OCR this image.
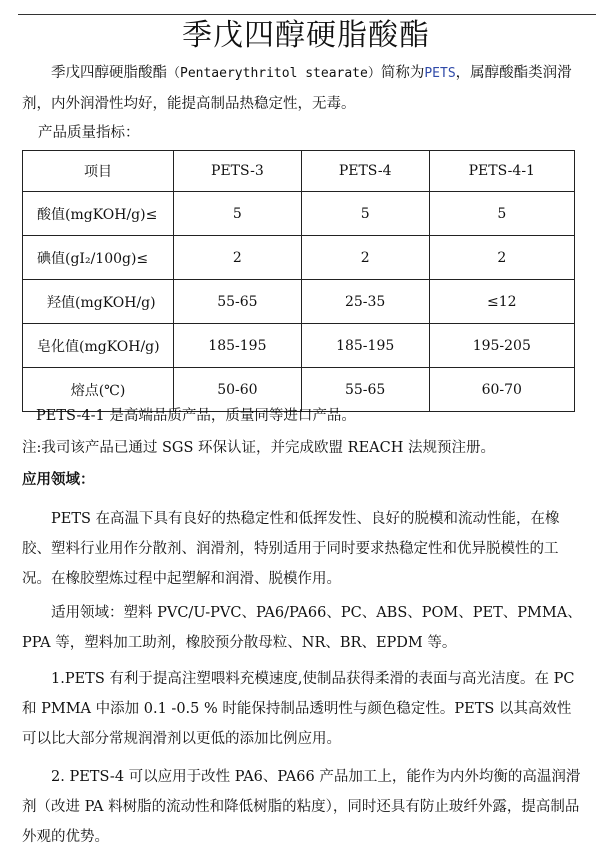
季戊四醇硬脂酸酯

季戊四醇硬脂酸酯（Pentaerythritol stearate）简称为PETS，属醇酸酯类润滑剂，内外润滑性均好，能提高制品热稳定性，无毒。

产品质量指标：

项目	PETS-3	PETS-4	PETS-4-1
酸值(mgKOH/g)≤	5	5	5
碘值(gI₂/100g)≤	2	2	2
羟值(mgKOH/g)	55-65	25-35	≤12
皂化值(mgKOH/g)	185-195	185-195	195-205
熔点(℃)	50-60	55-65	60-70

PETS-4-1 是高端品质产品，质量同等进口产品。

注:我司该产品已通过 SGS 环保认证，并完成欧盟 REACH 法规预注册。

应用领域：

PETS 在高温下具有良好的热稳定性和低挥发性、良好的脱模和流动性能，在橡胶、塑料行业用作分散剂、润滑剂，特别适用于同时要求热稳定性和优异脱模性的工况。在橡胶塑炼过程中起塑解和润滑、脱模作用。

适用领域：塑料 PVC/U-PVC、PA6/PA66、PC、ABS、POM、PET、PMMA、PPA 等，塑料加工助剂，橡胶预分散母粒、NR、BR、EPDM 等。

1.PETS 有利于提高注塑喂料充模速度,使制品获得柔滑的表面与高光洁度。在 PC 和 PMMA 中添加 0.1 -0.5 % 时能保持制品透明性与颜色稳定性。PETS 以其高效性可以比大部分常规润滑剂以更低的添加比例应用。

2. PETS-4 可以应用于改性 PA6、PA66 产品加工上，能作为内外均衡的高温润滑剂（改进 PA 料树脂的流动性和降低树脂的粘度），同时还具有防止玻纤外露，提高制品外观的优势。
